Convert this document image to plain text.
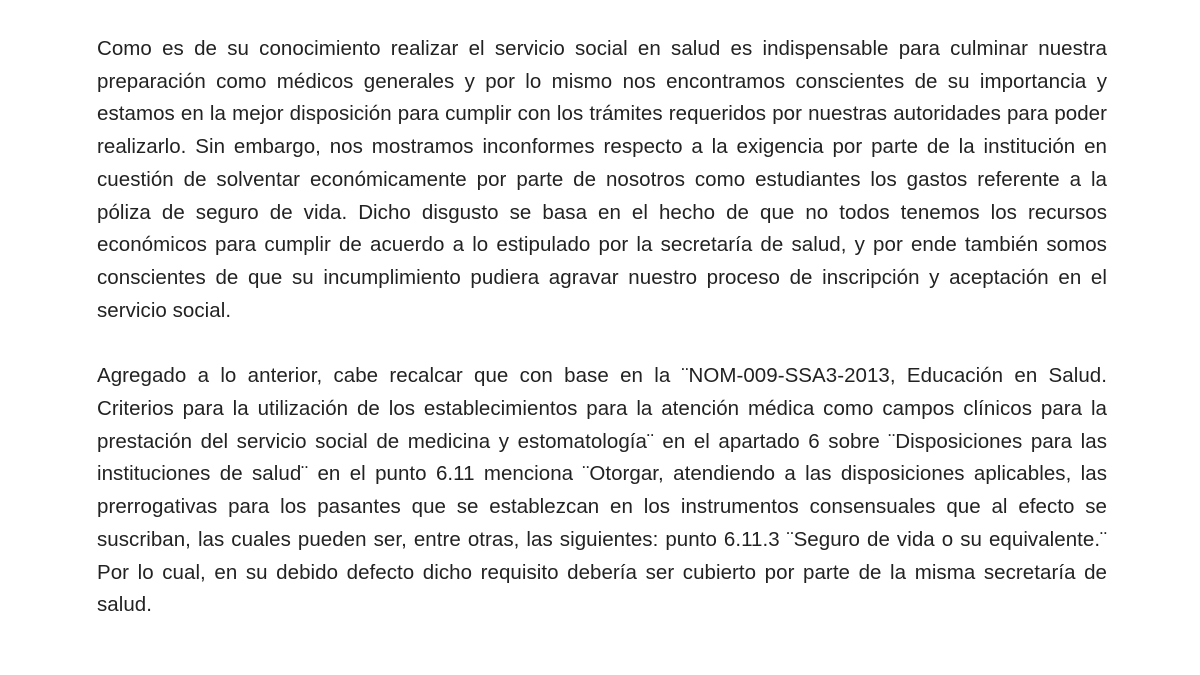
Como es de su conocimiento realizar el servicio social en salud es indispensable para culminar nuestra preparación como médicos generales y por lo mismo nos encontramos conscientes de su importancia y estamos en la mejor disposición para cumplir con los trámites requeridos por nuestras autoridades para poder realizarlo. Sin embargo, nos mostramos inconformes respecto a la exigencia por parte de la institución en cuestión de solventar económicamente por parte de nosotros como estudiantes los gastos referente a la póliza de seguro de vida. Dicho disgusto se basa en el hecho de que no todos tenemos los recursos económicos para cumplir de acuerdo a lo estipulado por la secretaría de salud, y por ende también somos conscientes de que su incumplimiento pudiera agravar nuestro proceso de inscripción y aceptación en el servicio social.

Agregado a lo anterior, cabe recalcar que con base en la ¨NOM-009-SSA3-2013, Educación en Salud. Criterios para la utilización de los establecimientos para la atención médica como campos clínicos para la prestación del servicio social de medicina y estomatología¨ en el apartado 6 sobre ¨Disposiciones para las instituciones de salud¨ en el punto 6.11 menciona ¨Otorgar, atendiendo a las disposiciones aplicables, las prerrogativas para los pasantes que se establezcan en los instrumentos consensuales que al efecto se suscriban, las cuales pueden ser, entre otras, las siguientes: punto 6.11.3 ¨Seguro de vida o su equivalente.¨ Por lo cual, en su debido defecto dicho requisito debería ser cubierto por parte de la misma secretaría de salud.
